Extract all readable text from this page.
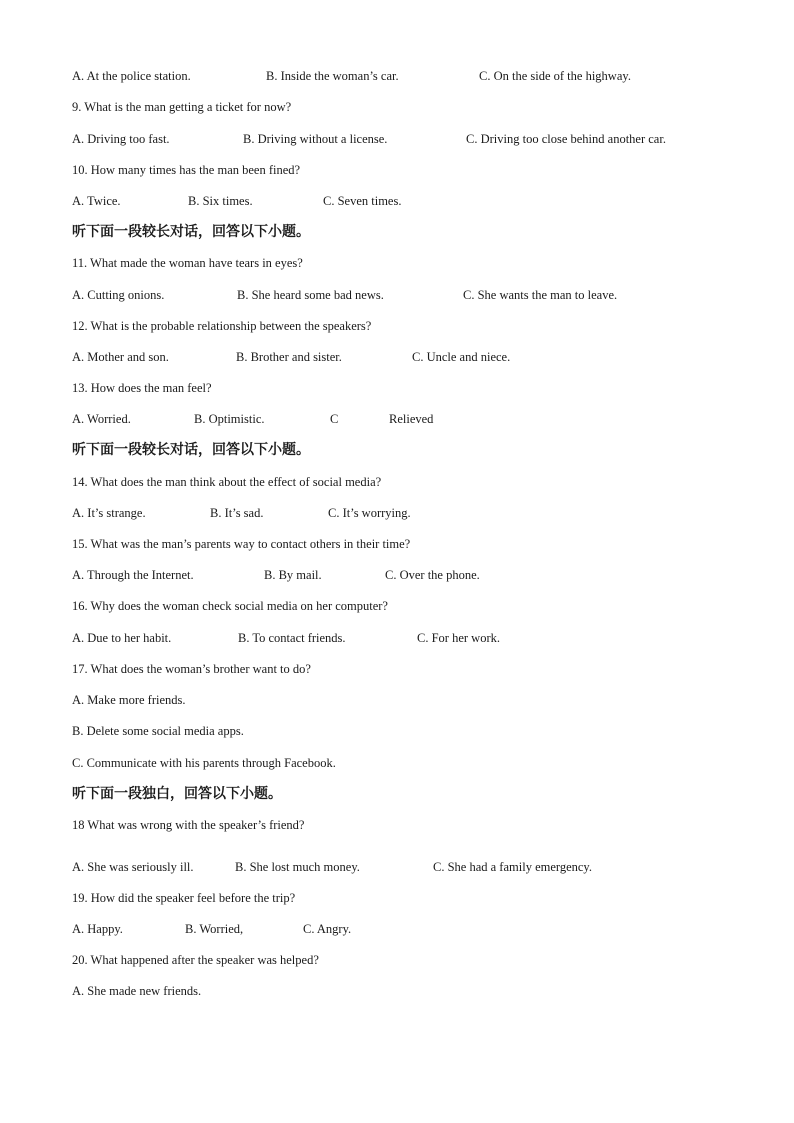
A. At the police station.	B. Inside the woman’s car.	C. On the side of the highway.
9. What is the man getting a ticket for now?
A. Driving too fast.	B. Driving without a license.	C. Driving too close behind another car.
10. How many times has the man been fined?
A. Twice.	B. Six times.	C. Seven times.
听下面一段较长对话，回答以下小题。
11. What made the woman have tears in eyes?
A. Cutting onions.	B. She heard some bad news.	C. She wants the man to leave.
12. What is the probable relationship between the speakers?
A. Mother and son.	B. Brother and sister.	C. Uncle and niece.
13. How does the man feel?
A. Worried.	B. Optimistic.	C	Relieved
听下面一段较长对话，回答以下小题。
14. What does the man think about the effect of social media?
A. It’s strange.	B. It’s sad.	C. It’s worrying.
15. What was the man’s parents way to contact others in their time?
A. Through the Internet.	B. By mail.	C. Over the phone.
16. Why does the woman check social media on her computer?
A. Due to her habit.	B. To contact friends.	C. For her work.
17. What does the woman’s brother want to do?
A. Make more friends.
B. Delete some social media apps.
C. Communicate with his parents through Facebook.
听下面一段独白，回答以下小题。
18 What was wrong with the speaker’s friend?
A. She was seriously ill.	B. She lost much money.	C. She had a family emergency.
19. How did the speaker feel before the trip?
A. Happy.	B. Worried,	C. Angry.
20. What happened after the speaker was helped?
A. She made new friends.
